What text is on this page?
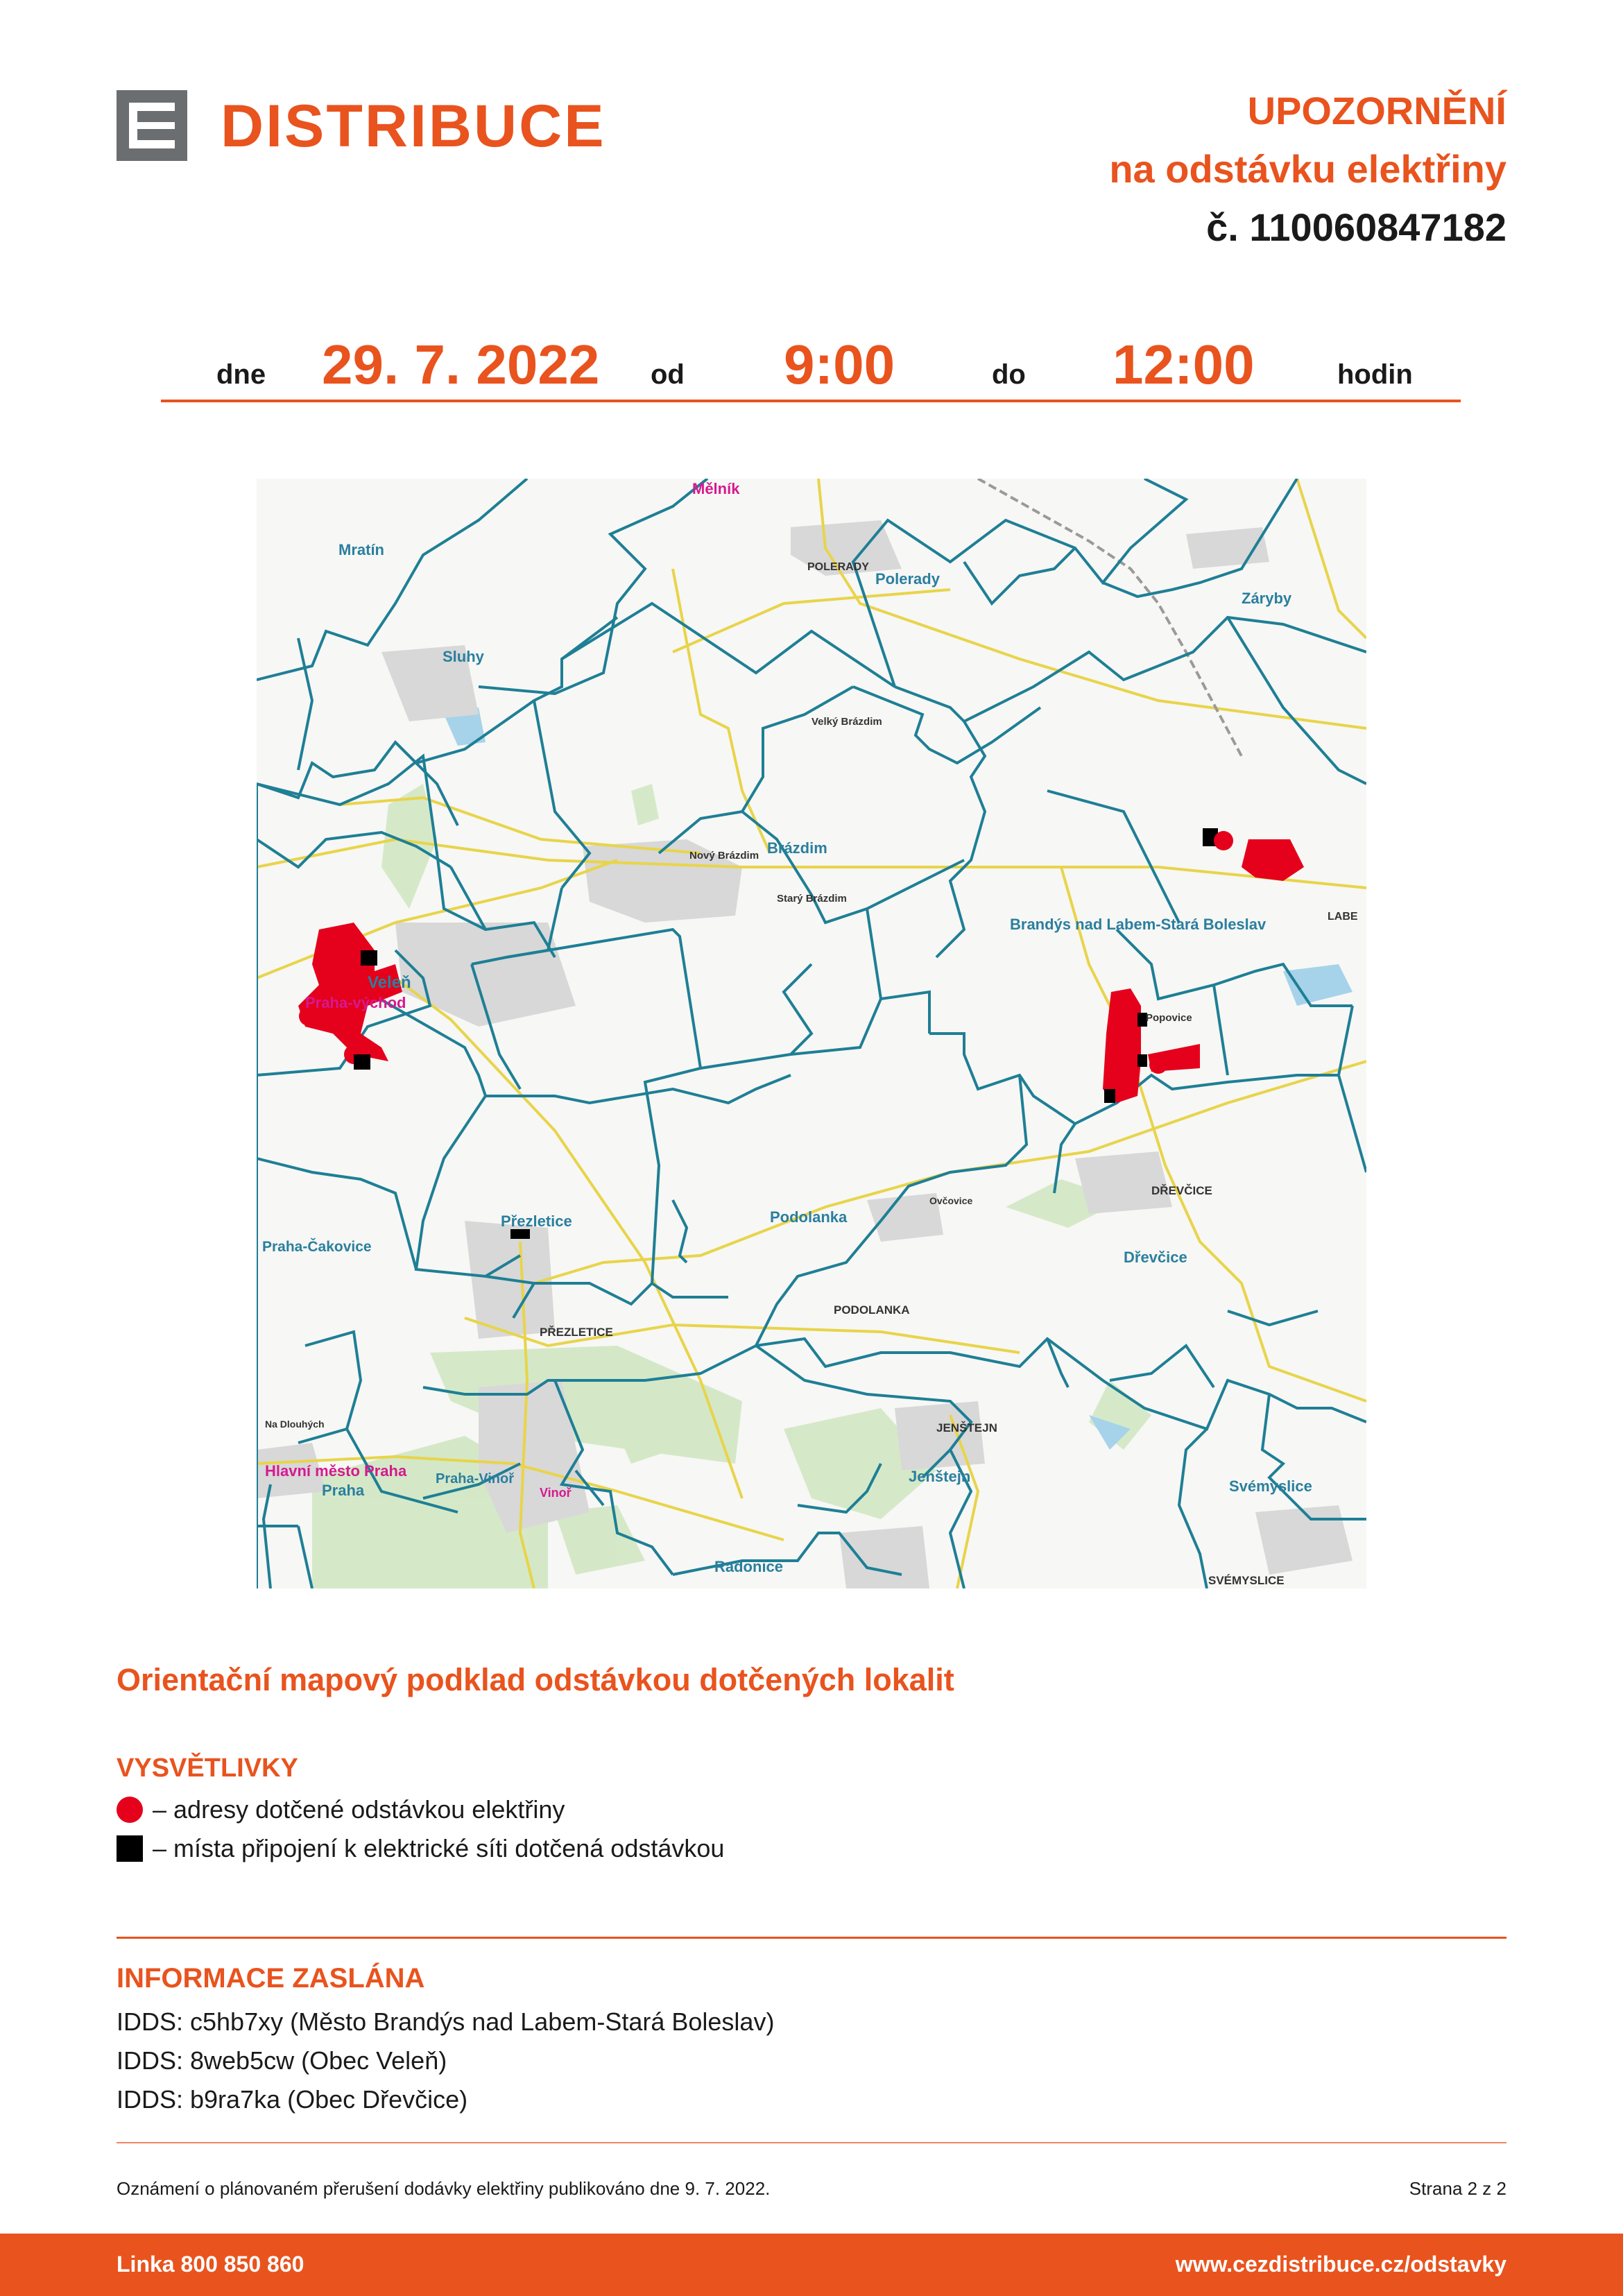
DISTRIBUCE	UPOZORNĚNÍ
na odstávku elektřiny
č. 110060847182
dne 29. 7. 2022 od 9:00	do 12:00	hodin
Mělník
Mratín
POLERADY
Polerady
Záryby
Sluhy
Velký Brázdim
Brázdim
Nový Brázdim
Starý Brázdim
Brandýs nad Labem-Stará Boleslav	LABE
Veleň
Praha-východ
Popovice
DŘEVČICE
Dřevčice
Přezletice
PŘEZLETICE
Podolanka
PODOLANKA
Ovčovice
Praha-Čakovice
JENŠTEJN
Jenštejn
Hlavní město Praha
Praha
Praha-Vinoř
Vinoř
Na Dlouhých
Radonice
Svémyslice
SVÉMYSLICE
Orientační mapový podklad odstávkou dotčených lokalit
VYSVĚTLIVKY
– adresy dotčené odstávkou elektřiny
– místa připojení k elektrické síti dotčená odstávkou
INFORMACE ZASLÁNA
IDDS: c5hb7xy (Město Brandýs nad Labem-Stará Boleslav)
IDDS: 8web5cw (Obec Veleň)
IDDS: b9ra7ka (Obec Dřevčice)
Oznámení o plánovaném přerušení dodávky elektřiny publikováno dne 9. 7. 2022.	Strana 2 z 2
Linka 800 850 860	www.cezdistribuce.cz/odstavky
